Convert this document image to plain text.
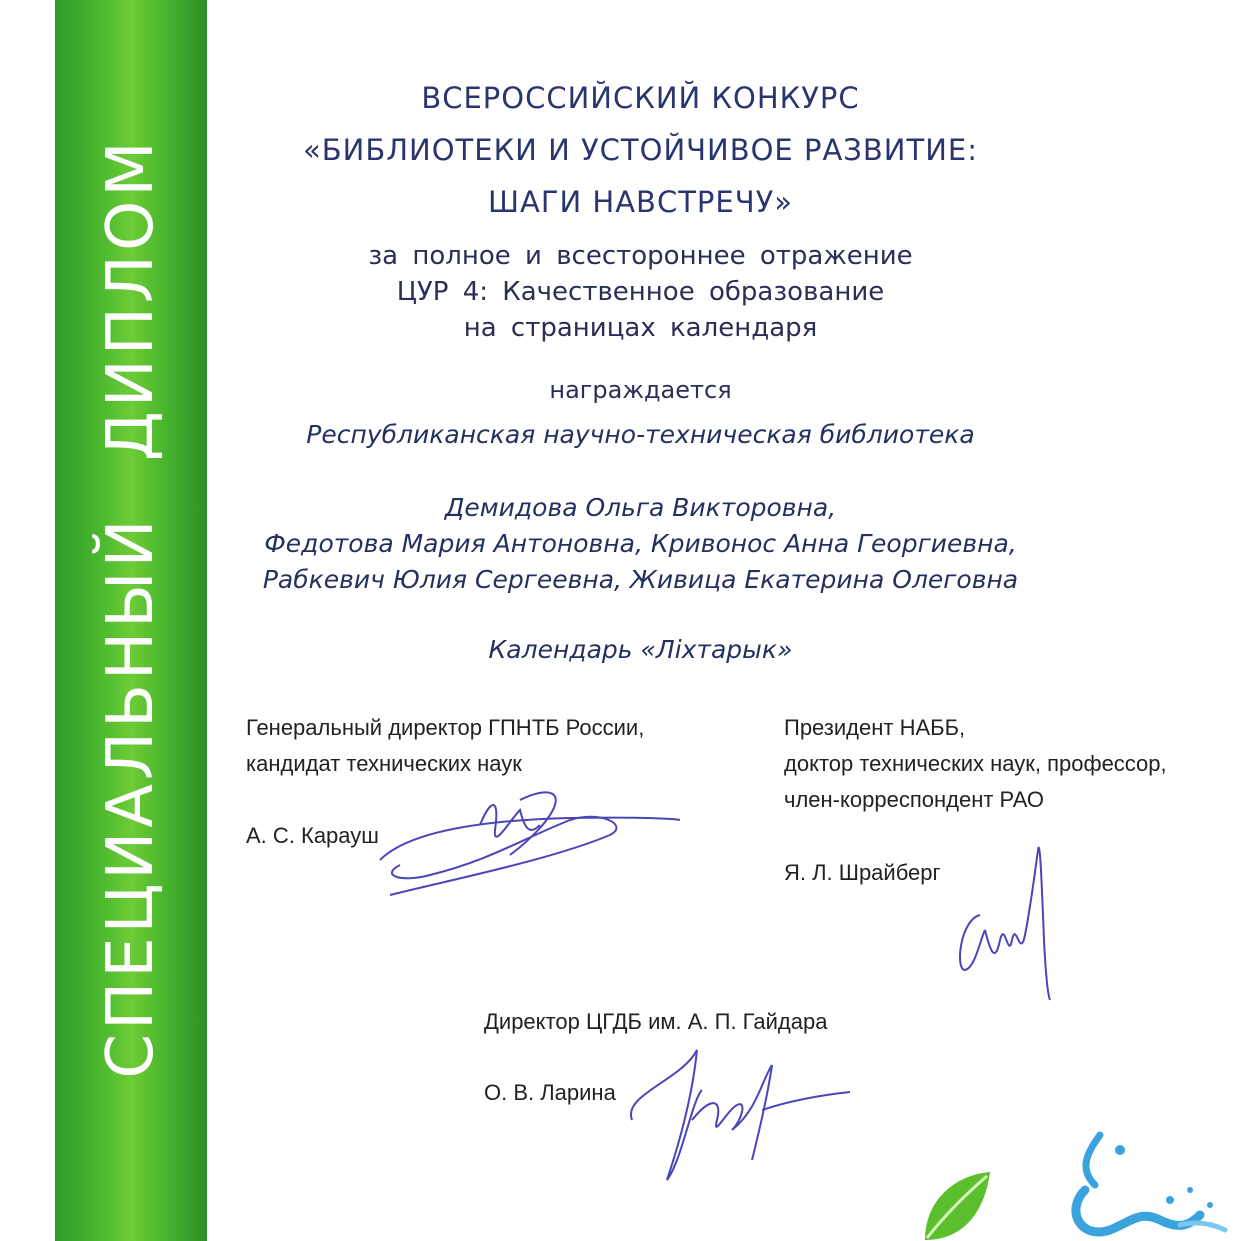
СПЕЦИАЛЬНЫЙ ДИПЛОМ
ВСЕРОССИЙСКИЙ КОНКУРС
«БИБЛИОТЕКИ И УСТОЙЧИВОЕ РАЗВИТИЕ:
ШАГИ НАВСТРЕЧУ»
за полное и всестороннее отражение
ЦУР 4: Качественное образование
на страницах календаря
награждается
Республиканская научно-техническая библиотека
Демидова Ольга Викторовна,
Федотова Мария Антоновна, Кривонос Анна Георгиевна,
Рабкевич Юлия Сергеевна, Живица Екатерина Олеговна
Календарь «Ліхтарык»
Генеральный директор ГПНТБ России,
кандидат технических наук
А. С. Карауш
Президент НАББ,
доктор технических наук, профессор,
член-корреспондент РАО
Я. Л. Шрайберг
Директор ЦГДБ им. А. П. Гайдара
О. В. Ларина
